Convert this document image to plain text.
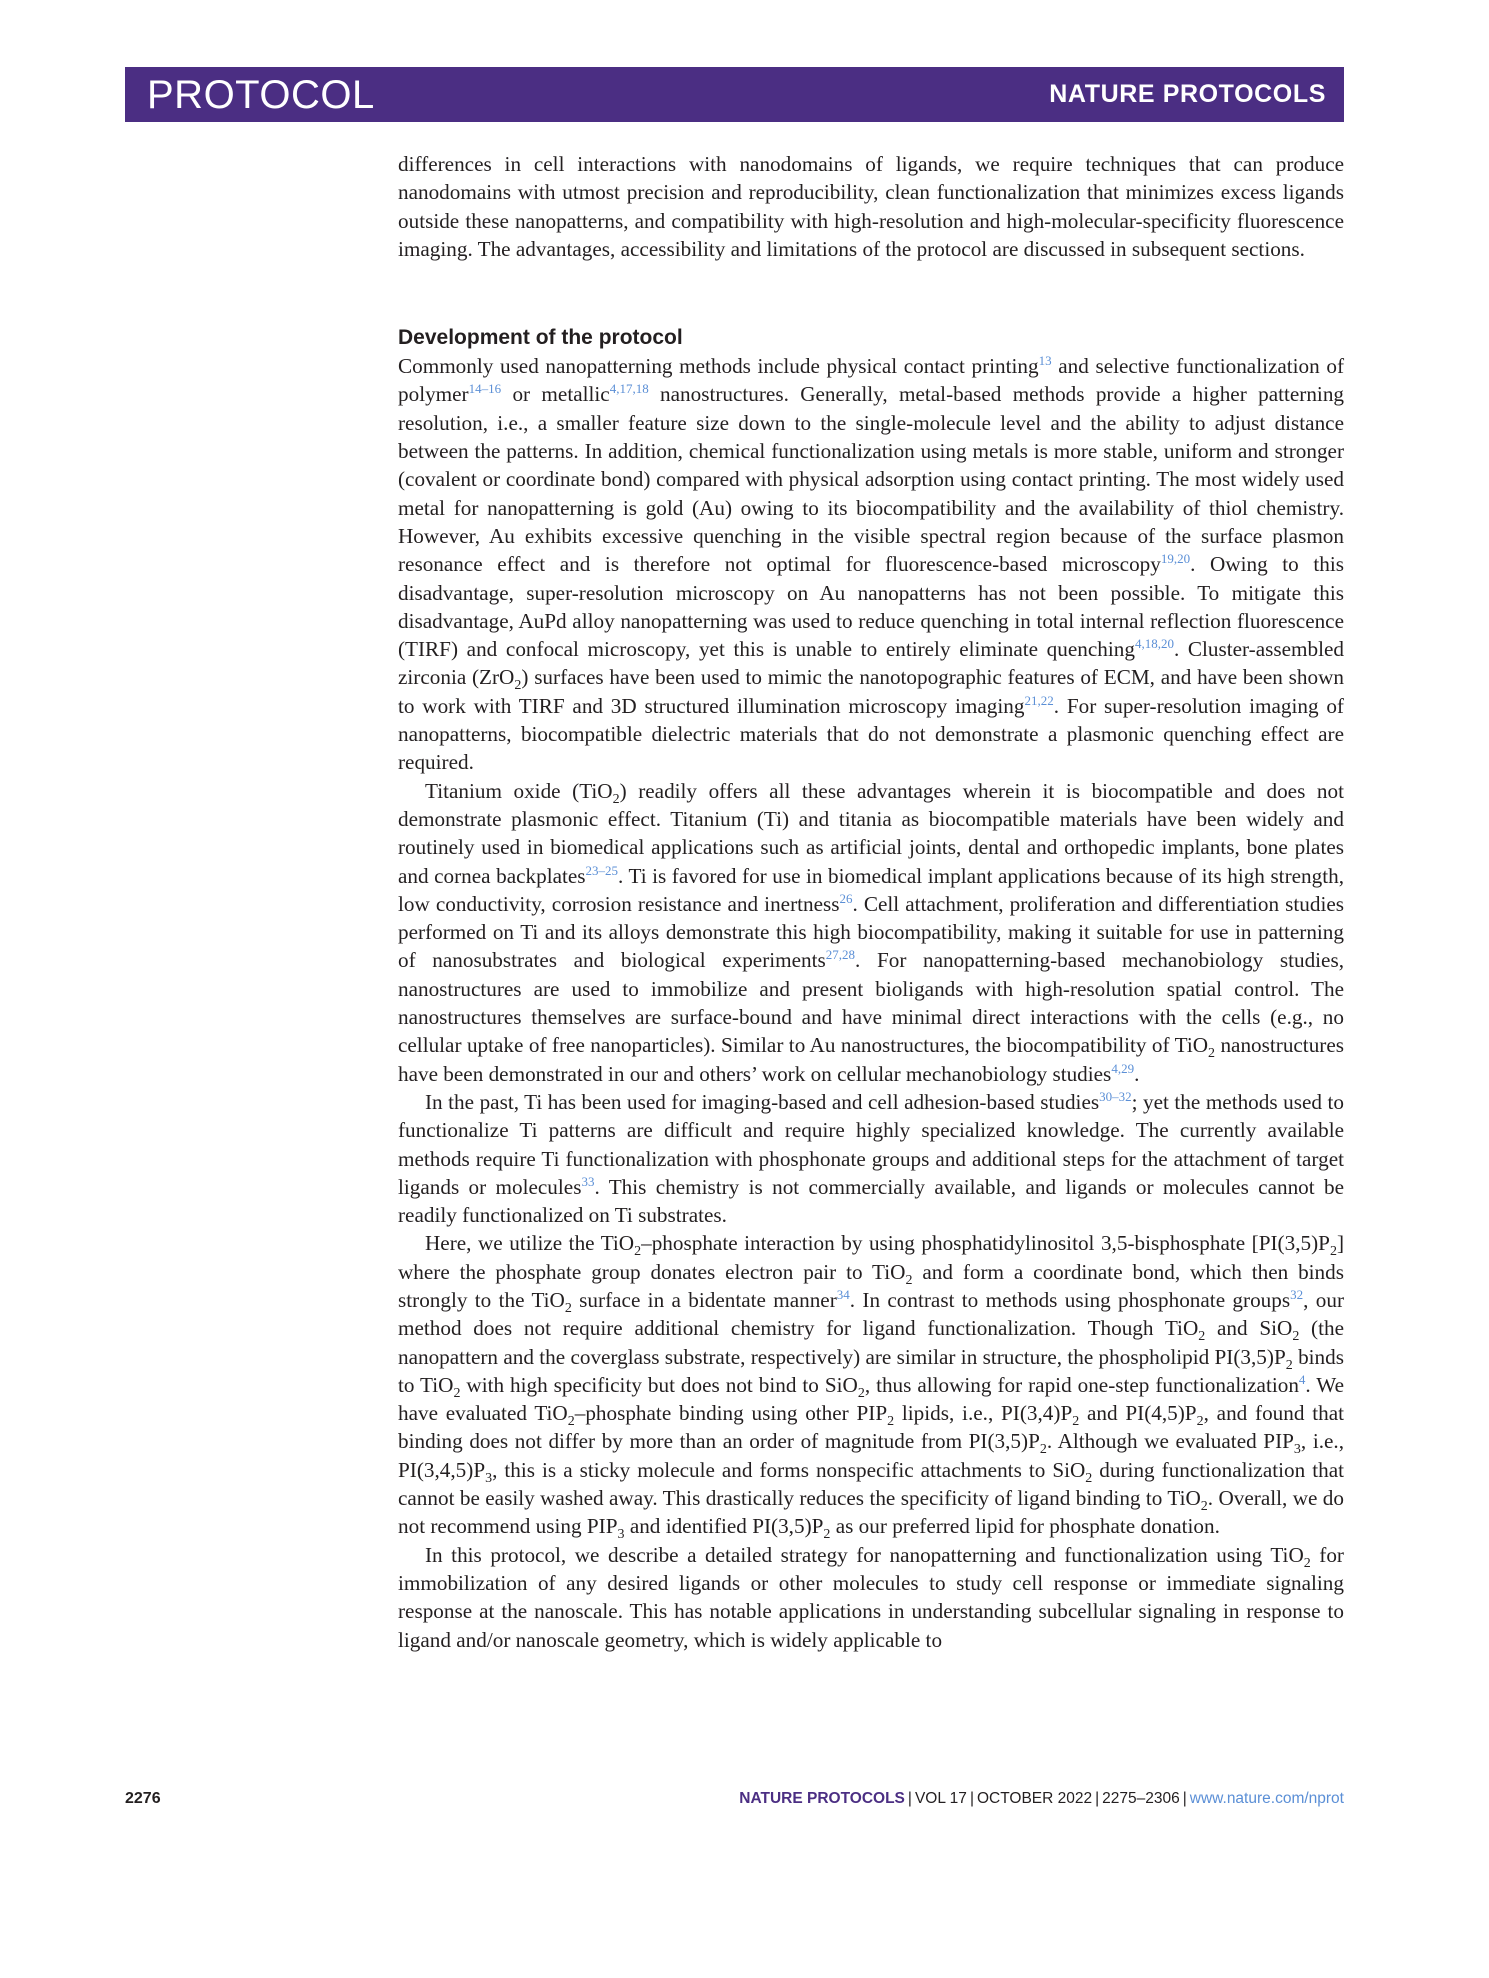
PROTOCOL	NATURE PROTOCOLS

differences in cell interactions with nanodomains of ligands, we require techniques that can produce nanodomains with utmost precision and reproducibility, clean functionalization that minimizes excess ligands outside these nanopatterns, and compatibility with high-resolution and high-molecular-specificity fluorescence imaging. The advantages, accessibility and limitations of the protocol are discussed in subsequent sections.

Development of the protocol

Commonly used nanopatterning methods include physical contact printing$^{13}$ and selective functionalization of polymer$^{14-16}$ or metallic$^{4,17,18}$ nanostructures. Generally, metal-based methods provide a higher patterning resolution, i.e., a smaller feature size down to the single-molecule level and the ability to adjust distance between the patterns. In addition, chemical functionalization using metals is more stable, uniform and stronger (covalent or coordinate bond) compared with physical adsorption using contact printing. The most widely used metal for nanopatterning is gold (Au) owing to its biocompatibility and the availability of thiol chemistry. However, Au exhibits excessive quenching in the visible spectral region because of the surface plasmon resonance effect and is therefore not optimal for fluorescence-based microscopy$^{19,20}$. Owing to this disadvantage, super-resolution microscopy on Au nanopatterns has not been possible. To mitigate this disadvantage, AuPd alloy nanopatterning was used to reduce quenching in total internal reflection fluorescence (TIRF) and confocal microscopy, yet this is unable to entirely eliminate quenching$^{4,18,20}$. Cluster-assembled zirconia (ZrO$_2$) surfaces have been used to mimic the nanotopographic features of ECM, and have been shown to work with TIRF and 3D structured illumination microscopy imaging$^{21,22}$. For super-resolution imaging of nanopatterns, biocompatible dielectric materials that do not demonstrate a plasmonic quenching effect are required.

Titanium oxide (TiO$_2$) readily offers all these advantages wherein it is biocompatible and does not demonstrate plasmonic effect. Titanium (Ti) and titania as biocompatible materials have been widely and routinely used in biomedical applications such as artificial joints, dental and orthopedic implants, bone plates and cornea backplates$^{23-25}$. Ti is favored for use in biomedical implant applications because of its high strength, low conductivity, corrosion resistance and inertness$^{26}$. Cell attachment, proliferation and differentiation studies performed on Ti and its alloys demonstrate this high biocompatibility, making it suitable for use in patterning of nanosubstrates and biological experiments$^{27,28}$. For nanopatterning-based mechanobiology studies, nanostructures are used to immobilize and present bioligands with high-resolution spatial control. The nanostructures themselves are surface-bound and have minimal direct interactions with the cells (e.g., no cellular uptake of free nanoparticles). Similar to Au nanostructures, the biocompatibility of TiO$_2$ nanostructures have been demonstrated in our and others’ work on cellular mechanobiology studies$^{4,29}$.

In the past, Ti has been used for imaging-based and cell adhesion-based studies$^{30-32}$; yet the methods used to functionalize Ti patterns are difficult and require highly specialized knowledge. The currently available methods require Ti functionalization with phosphonate groups and additional steps for the attachment of target ligands or molecules$^{33}$. This chemistry is not commercially available, and ligands or molecules cannot be readily functionalized on Ti substrates.

Here, we utilize the TiO$_2$–phosphate interaction by using phosphatidylinositol 3,5-bisphosphate $[PI(3,5)P_2]$ where the phosphate group donates electron pair to TiO$_2$ and form a coordinate bond, which then binds strongly to the TiO$_2$ surface in a bidentate manner$^{34}$. In contrast to methods using phosphonate groups$^{32}$, our method does not require additional chemistry for ligand functionalization. Though TiO$_2$ and SiO$_2$ (the nanopattern and the coverglass substrate, respectively) are similar in structure, the phospholipid $PI(3,5)P_2$ binds to TiO$_2$ with high specificity but does not bind to SiO$_2$, thus allowing for rapid one-step functionalization$^4$. We have evaluated TiO$_2$–phosphate binding using other $PIP_2$ lipids, i.e., $PI(3,4)P_2$ and $PI(4,5)P_2$, and found that binding does not differ by more than an order of magnitude from $PI(3,5)P_2$. Although we evaluated $PIP_3$, i.e., $PI(3,4,5)P_3$, this is a sticky molecule and forms nonspecific attachments to SiO$_2$ during functionalization that cannot be easily washed away. This drastically reduces the specificity of ligand binding to TiO$_2$. Overall, we do not recommend using $PIP_3$ and identified $PI(3,5)P_2$ as our preferred lipid for phosphate donation.

In this protocol, we describe a detailed strategy for nanopatterning and functionalization using TiO$_2$ for immobilization of any desired ligands or other molecules to study cell response or immediate signaling response at the nanoscale. This has notable applications in understanding subcellular signaling in response to ligand and/or nanoscale geometry, which is widely applicable to

2276	NATURE PROTOCOLS | VOL 17 | OCTOBER 2022 | 2275–2306 | www.nature.com/nprot
